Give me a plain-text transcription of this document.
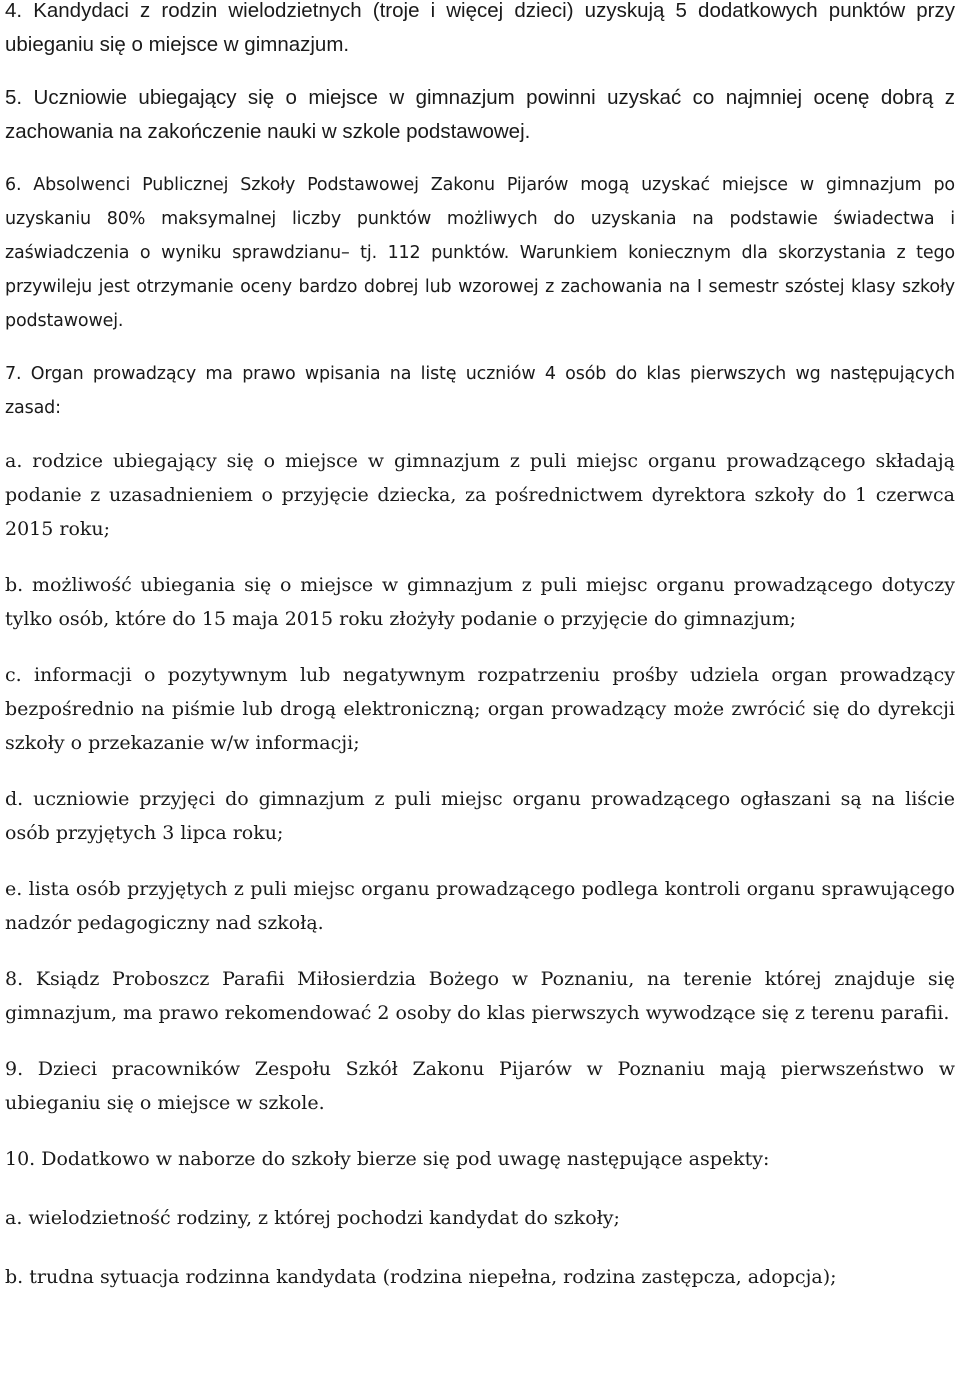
4. Kandydaci z rodzin wielodzietnych (troje i więcej dzieci) uzyskują 5 dodatkowych punktów przy ubieganiu się o miejsce w gimnazjum.

5. Uczniowie ubiegający się o miejsce w gimnazjum powinni uzyskać co najmniej ocenę dobrą z zachowania na zakończenie nauki w szkole podstawowej.

6. Absolwenci Publicznej Szkoły Podstawowej Zakonu Pijarów mogą uzyskać miejsce w gimnazjum po uzyskaniu 80% maksymalnej liczby punktów możliwych do uzyskania na podstawie świadectwa i zaświadczenia o wyniku sprawdzianu– tj. 112 punktów. Warunkiem koniecznym dla skorzystania z tego przywileju jest otrzymanie oceny bardzo dobrej lub wzorowej z zachowania na I semestr szóstej klasy szkoły podstawowej.

7. Organ prowadzący ma prawo wpisania na listę uczniów 4 osób do klas pierwszych wg następujących zasad:

a. rodzice ubiegający się o miejsce w gimnazjum z puli miejsc organu prowadzącego składają podanie z uzasadnieniem o przyjęcie dziecka, za pośrednictwem dyrektora szkoły do 1 czerwca 2015 roku;

b. możliwość ubiegania się o miejsce w gimnazjum z puli miejsc organu prowadzącego dotyczy tylko osób, które do 15 maja 2015 roku złożyły podanie o przyjęcie do gimnazjum;

c. informacji o pozytywnym lub negatywnym rozpatrzeniu prośby udziela organ prowadzący bezpośrednio na piśmie lub drogą elektroniczną; organ prowadzący może zwrócić się do dyrekcji szkoły o przekazanie w/w informacji;

d. uczniowie przyjęci do gimnazjum z puli miejsc organu prowadzącego ogłaszani są na liście osób przyjętych 3 lipca roku;

e. lista osób przyjętych z puli miejsc organu prowadzącego podlega kontroli organu sprawującego nadzór pedagogiczny nad szkołą.

8. Ksiądz Proboszcz Parafii Miłosierdzia Bożego w Poznaniu, na terenie której znajduje się gimnazjum, ma prawo rekomendować 2 osoby do klas pierwszych wywodzące się z terenu parafii.

9. Dzieci pracowników Zespołu Szkół Zakonu Pijarów w Poznaniu mają pierwszeństwo w ubieganiu się o miejsce w szkole.

10. Dodatkowo w naborze do szkoły bierze się pod uwagę następujące aspekty:

a. wielodzietność rodziny, z której pochodzi kandydat do szkoły;

b. trudna sytuacja rodzinna kandydata (rodzina niepełna, rodzina zastępcza, adopcja);
